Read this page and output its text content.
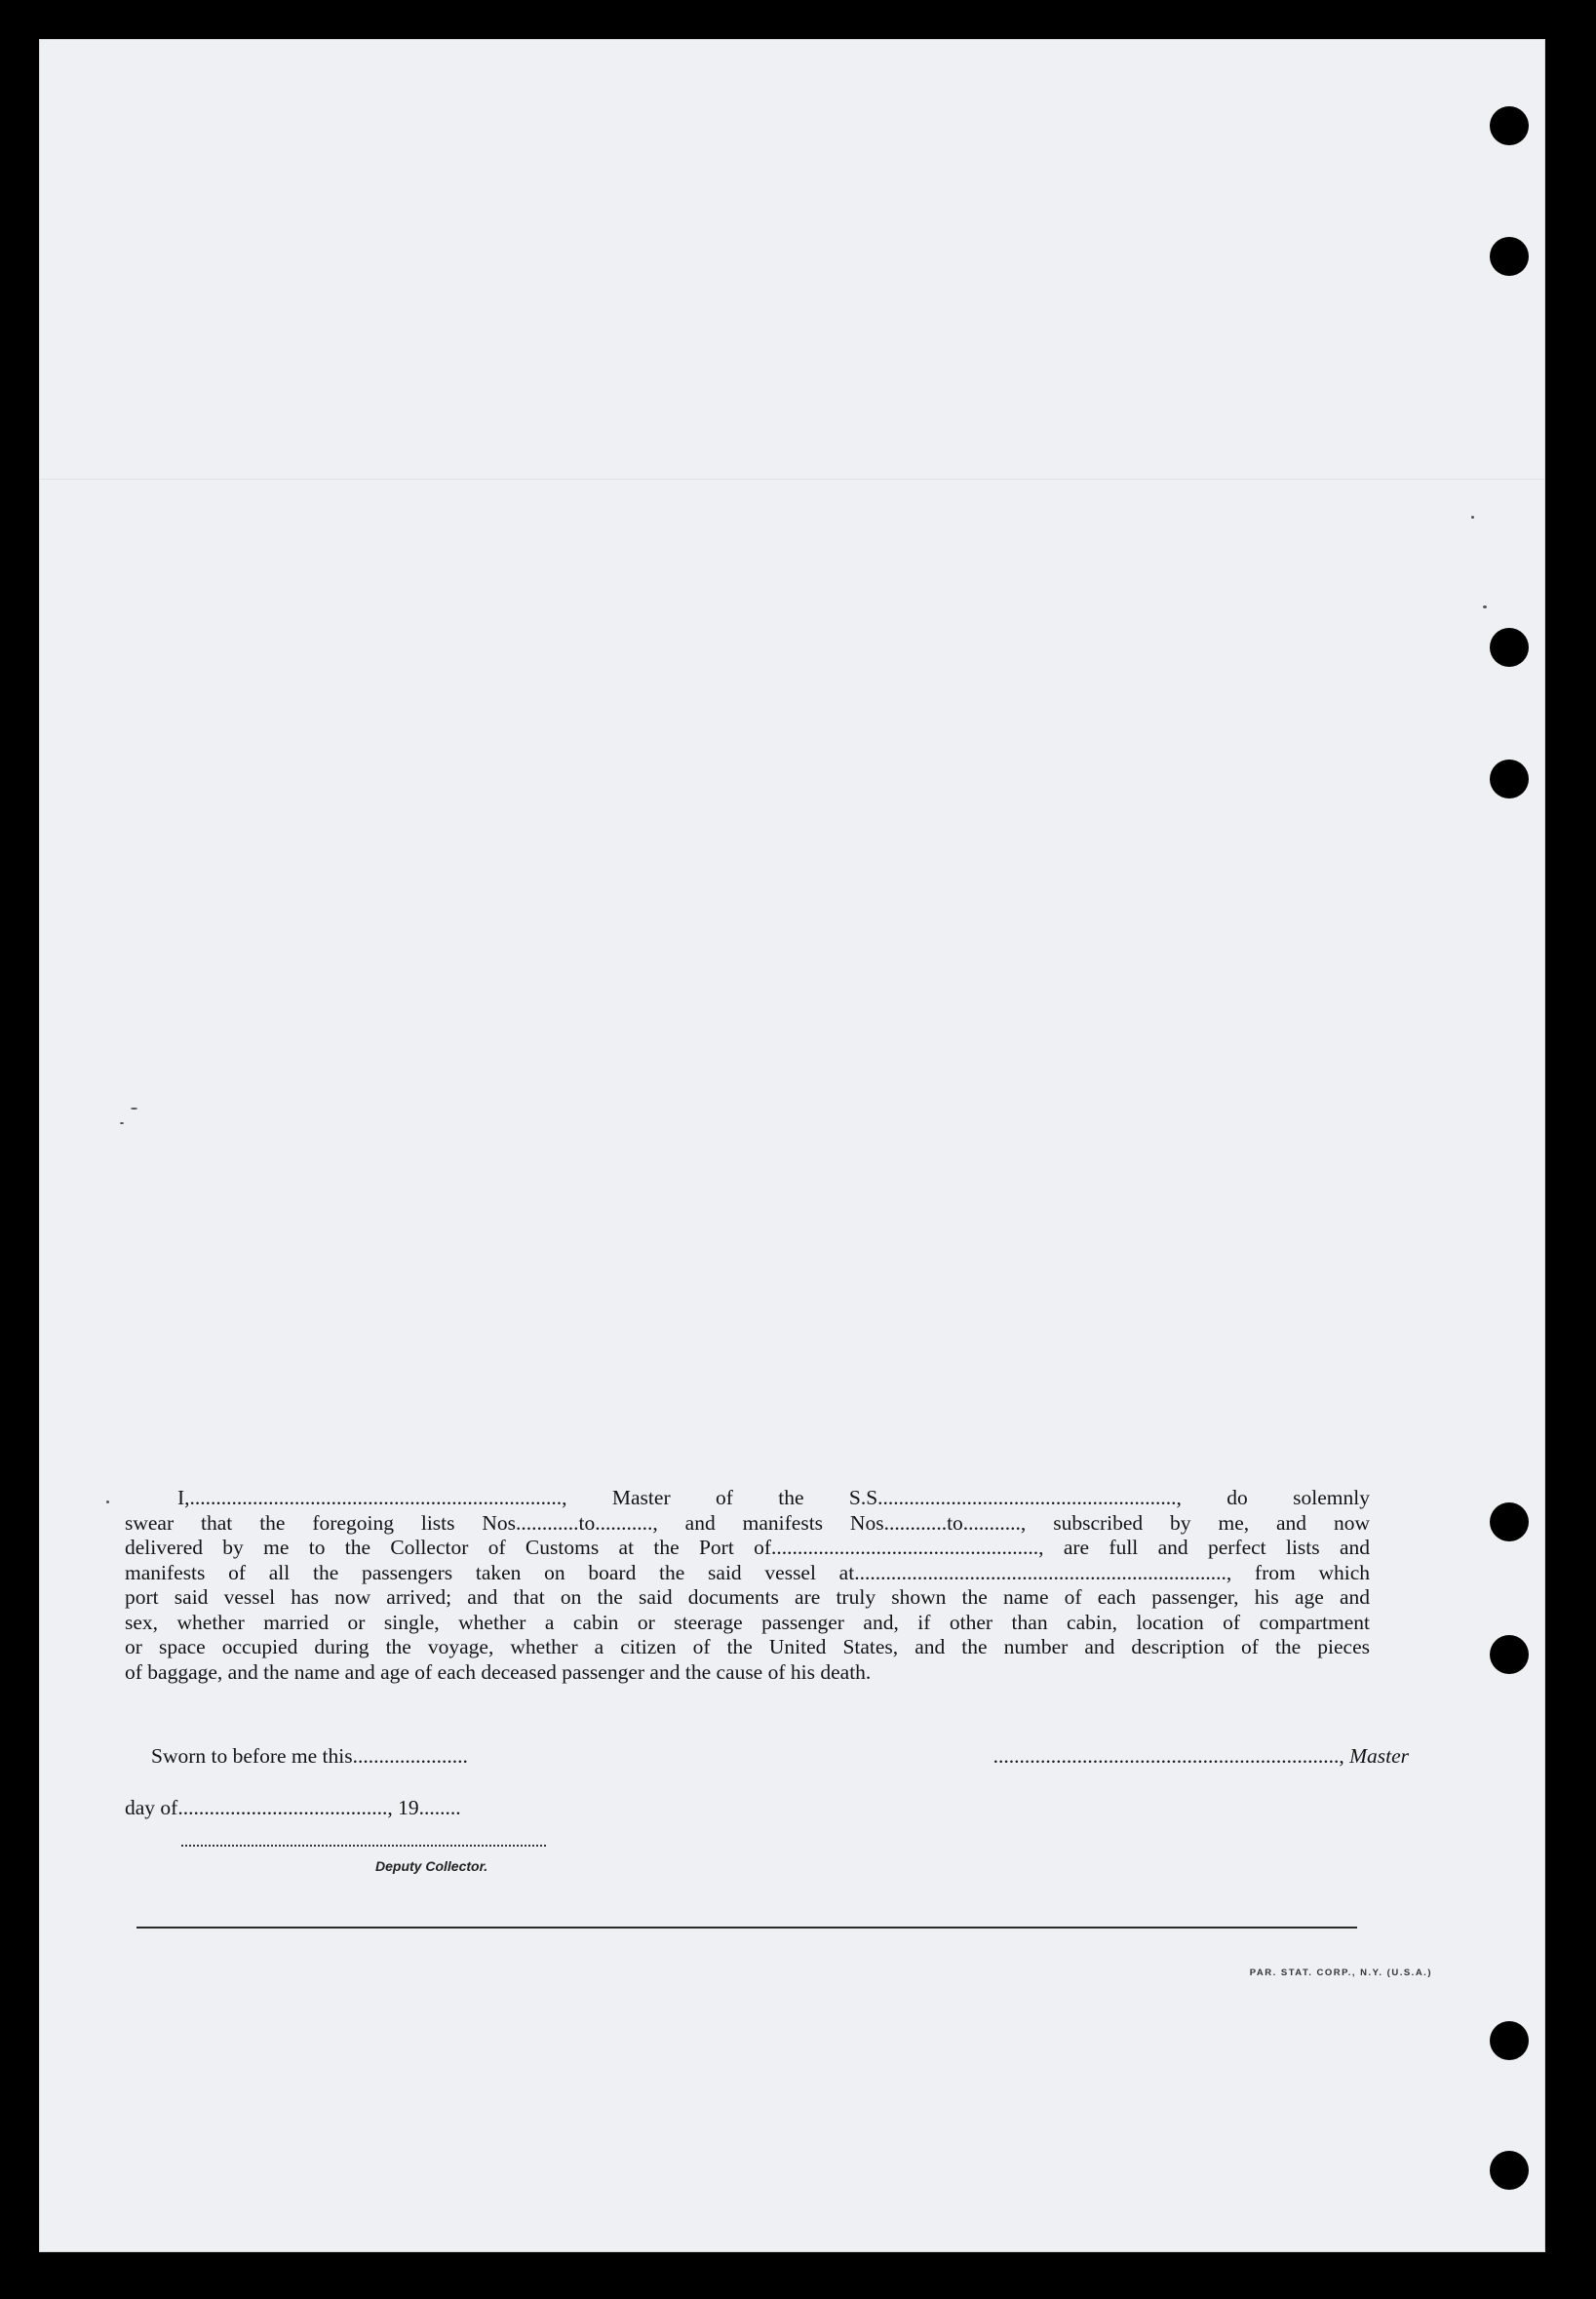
I,......................................................................., Master of the S.S........................................................., do solemnly
swear that the foregoing lists Nos............to..........., and manifests Nos............to..........., subscribed by me, and now
delivered by me to the Collector of Customs at the Port of..................................................., are full and perfect lists and
manifests of all the passengers taken on board the said vessel at......................................................................., from which
port said vessel has now arrived; and that on the said documents are truly shown the name of each passenger, his age and
sex, whether married or single, whether a cabin or steerage passenger and, if other than cabin, location of compartment
or space occupied during the voyage, whether a citizen of the United States, and the number and description of the pieces
of baggage, and the name and age of each deceased passenger and the cause of his death.
Sworn to before me this......................
day of........................................, 19........
.................................................................., Master
Deputy Collector.
PAR. STAT. CORP., N.Y. (U.S.A.)
